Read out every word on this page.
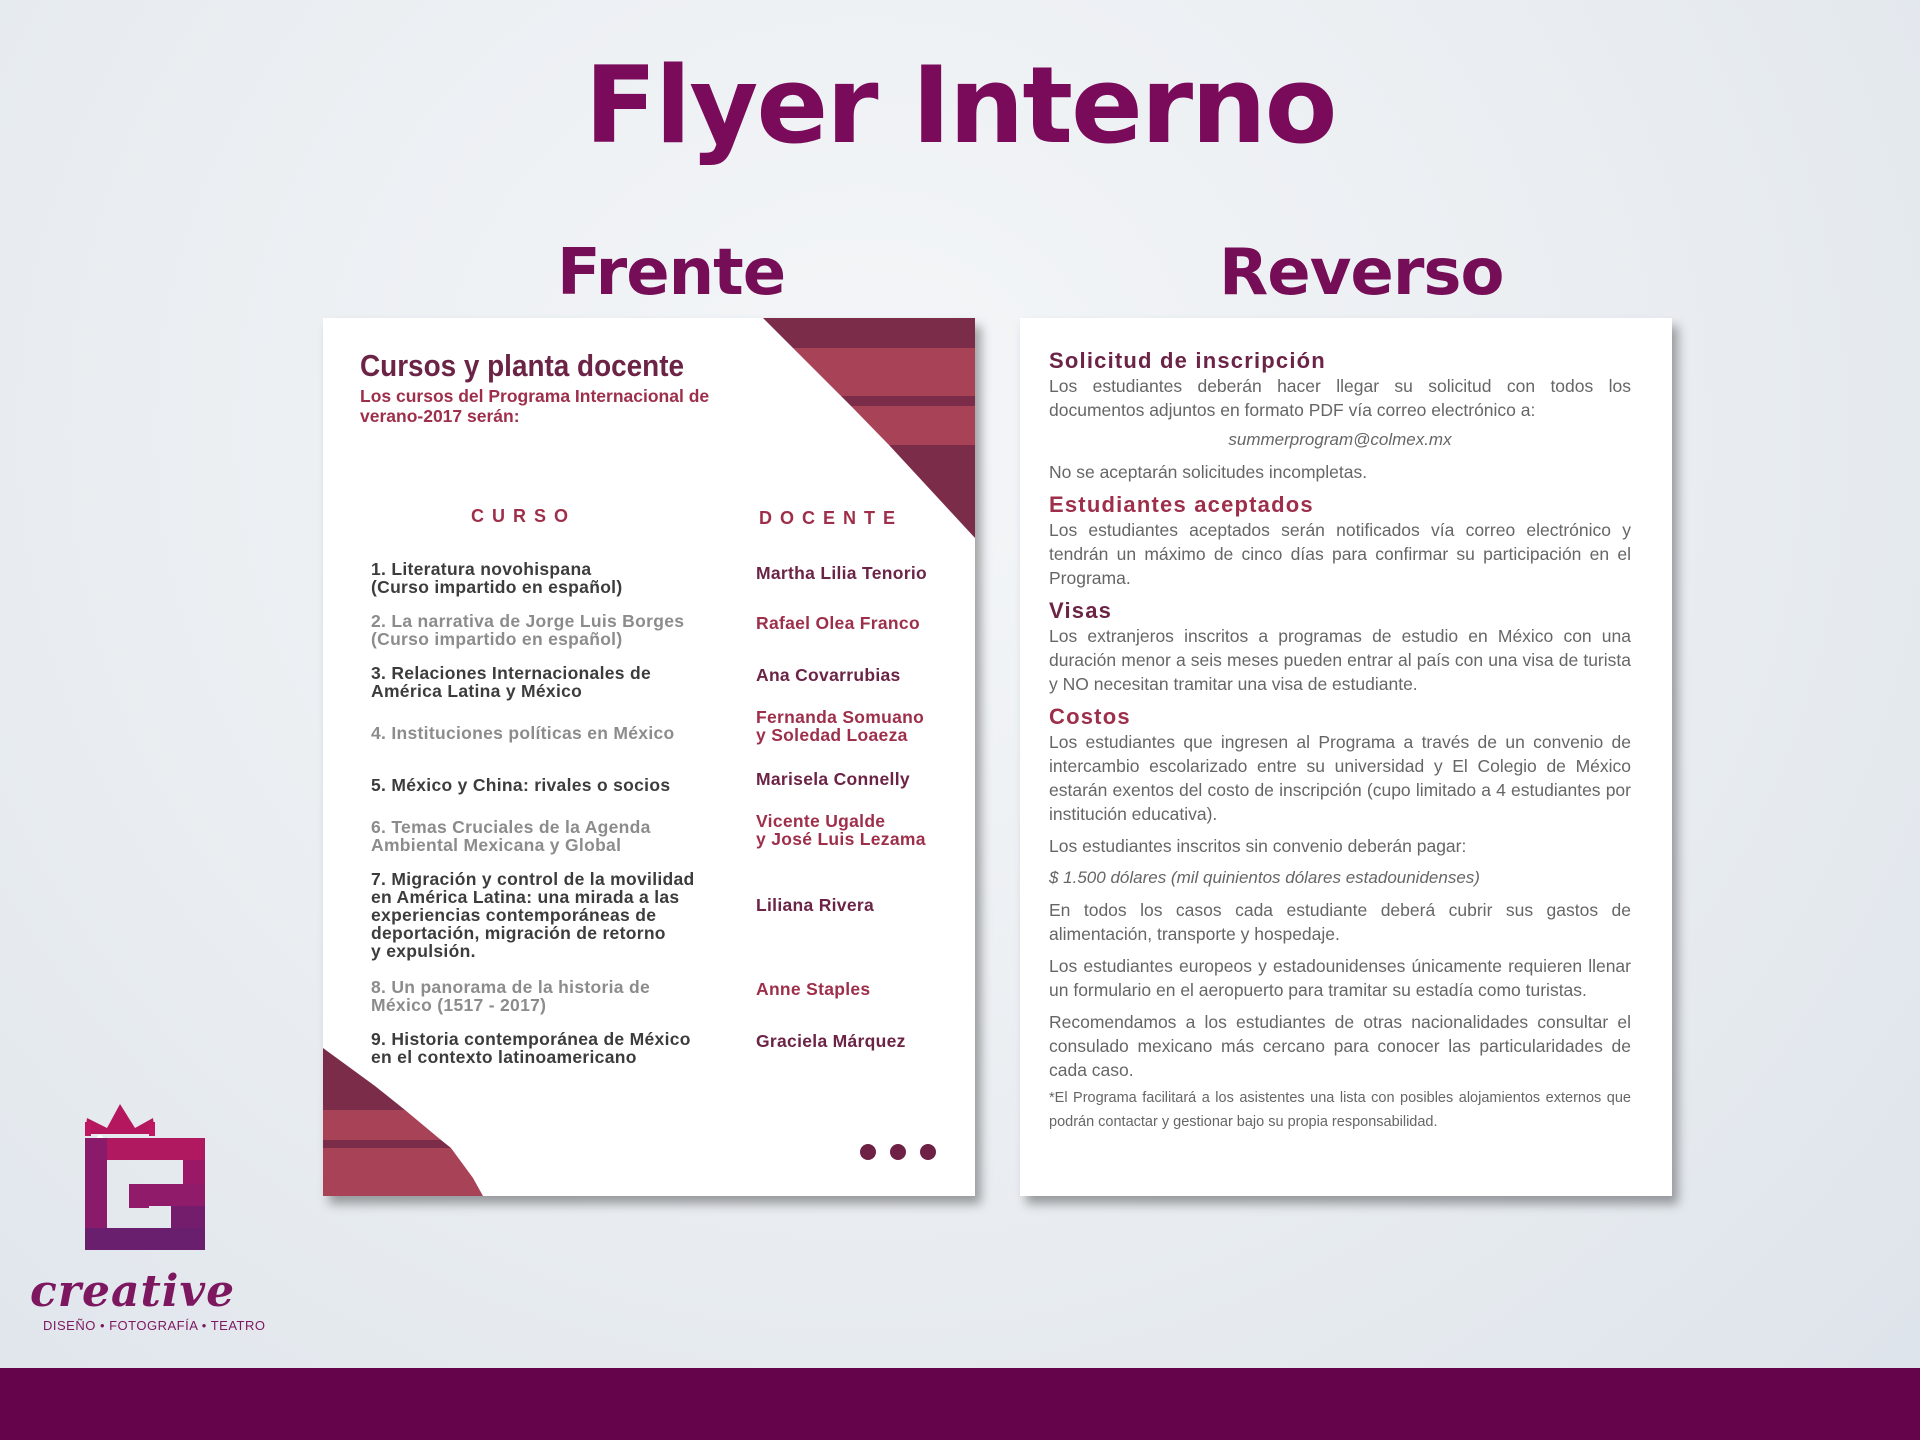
Flyer Interno
Frente	Reverso
Cursos y planta docente
Los cursos del Programa Internacional de verano-2017 serán:
CURSO	DOCENTE
1. Literatura novohispana
(Curso impartido en español)
2. La narrativa de Jorge Luis Borges
(Curso impartido en español)
3. Relaciones Internacionales de
América Latina y México
4. Instituciones políticas en México
5. México y China: rivales o socios
6. Temas Cruciales de la Agenda
Ambiental Mexicana y Global
7. Migración y control de la movilidad
en América Latina: una mirada a las
experiencias contemporáneas de
deportación, migración de retorno
y expulsión.
8. Un panorama de la historia de
México (1517 - 2017)
9. Historia contemporánea de México
en el contexto latinoamericano
Martha Lilia Tenorio
Rafael Olea Franco
Ana Covarrubias
Fernanda Somuano
y Soledad Loaeza
Marisela Connelly
Vicente Ugalde
y José Luis Lezama
Liliana Rivera
Anne Staples
Graciela Márquez

Solicitud de inscripción

Los estudiantes deberán hacer llegar su solicitud con todos los documentos adjuntos en formato PDF vía correo electrónico a:

summerprogram@colmex.mx

No se aceptarán solicitudes incompletas.

Estudiantes aceptados

Los estudiantes aceptados serán notificados vía correo electrónico y tendrán un máximo de cinco días para confirmar su participación en el Programa.

Visas

Los extranjeros inscritos a programas de estudio en México con una duración menor a seis meses pueden entrar al país con una visa de turista y NO necesitan tramitar una visa de estudiante.

Costos

Los estudiantes que ingresen al Programa a través de un convenio de intercambio escolarizado entre su universidad y El Colegio de México estarán exentos del costo de inscripción (cupo limitado a 4 estudiantes por institución educativa).

Los estudiantes inscritos sin convenio deberán pagar:

$ 1.500 dólares (mil quinientos dólares estadounidenses)

En todos los casos cada estudiante deberá cubrir sus gastos de alimentación, transporte y hospedaje.

Los estudiantes europeos y estadounidenses únicamente requieren llenar un formulario en el aeropuerto para tramitar su estadía como turistas.

Recomendamos a los estudiantes de otras nacionalidades consultar el consulado mexicano más cercano para conocer las particularidades de cada caso.

*El Programa facilitará a los asistentes una lista con posibles alojamientos externos que podrán contactar y gestionar bajo su propia responsabilidad.

creative
DISEÑO • FOTOGRAFÍA • TEATRO
